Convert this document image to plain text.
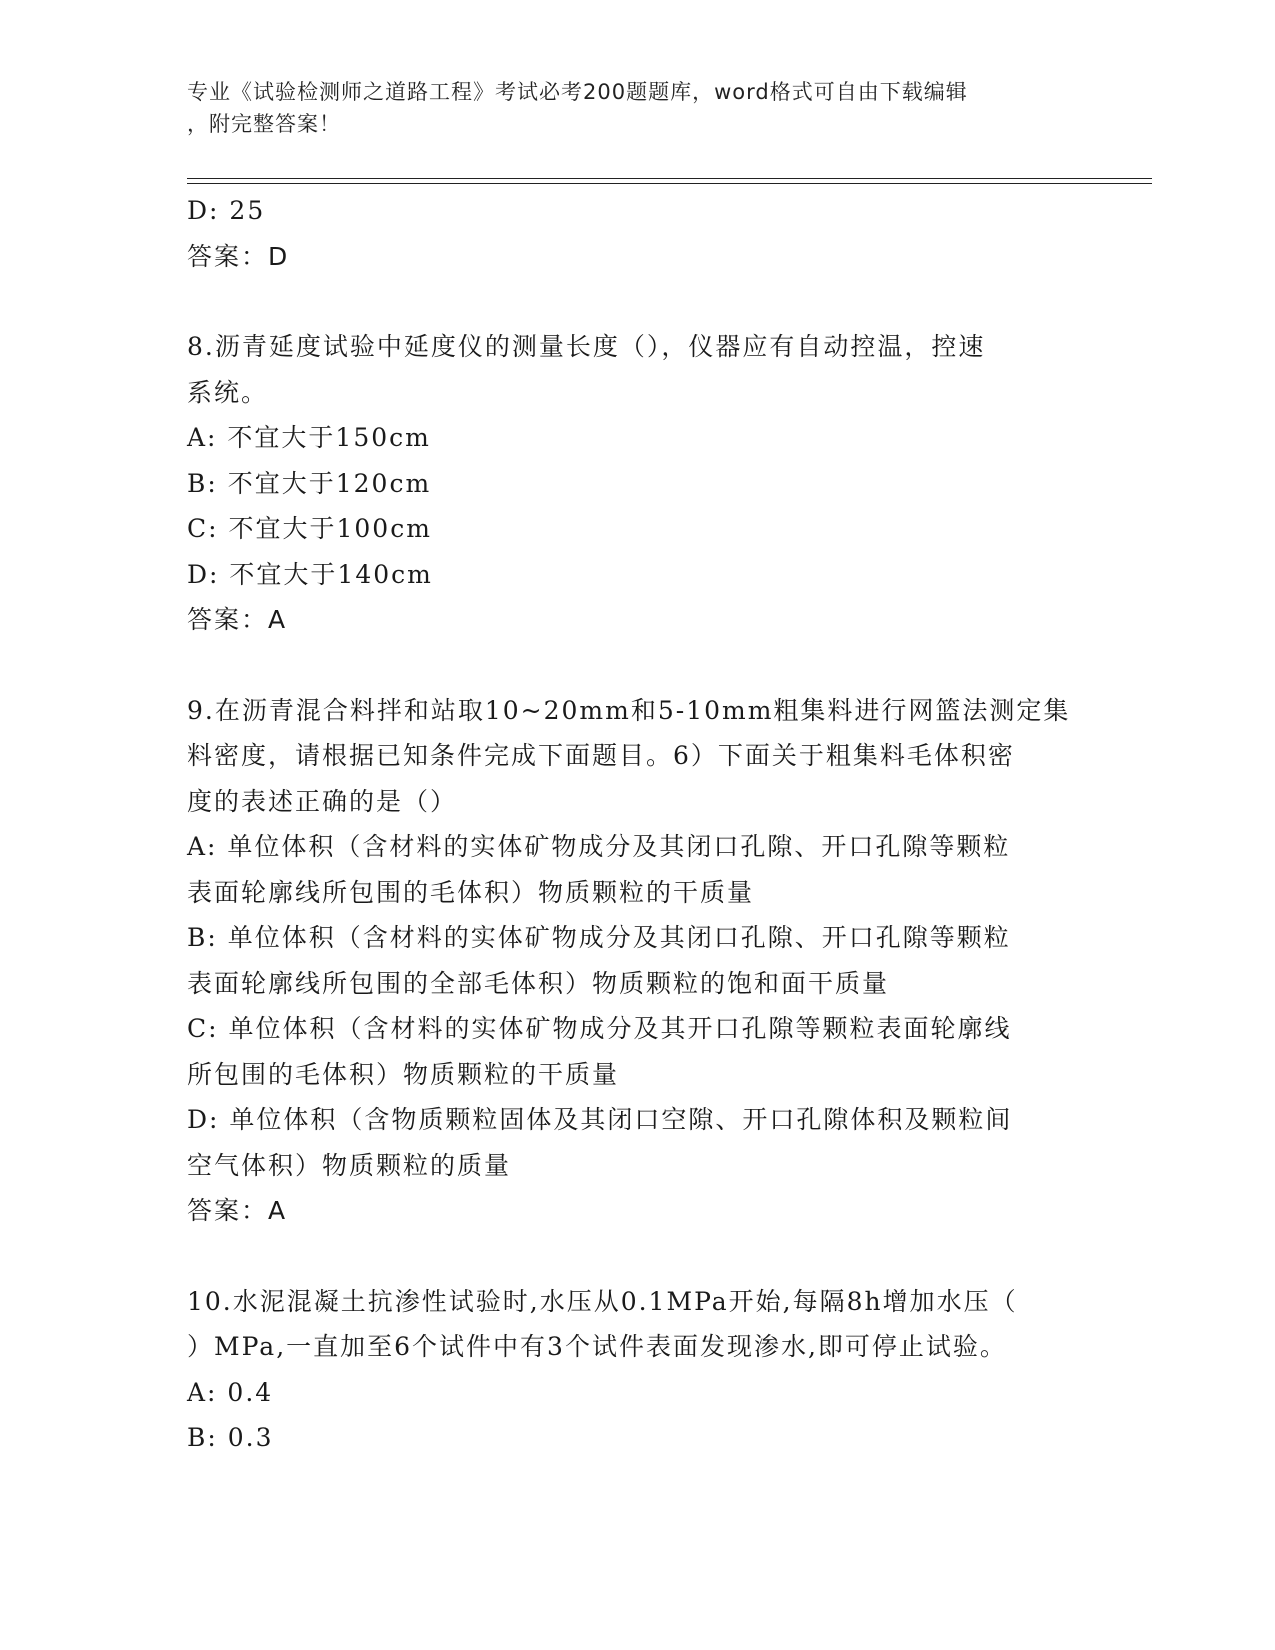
专业《试验检测师之道路工程》考试必考200题题库，word格式可自由下载编辑
，附完整答案！
D: 25
答案：D
8.沥青延度试验中延度仪的测量长度（），仪器应有自动控温，控速
系统。
A: 不宜大于150cm
B: 不宜大于120cm
C: 不宜大于100cm
D: 不宜大于140cm
答案：A
9.在沥青混合料拌和站取10~20mm和5-10mm粗集料进行网篮法测定集
料密度，请根据已知条件完成下面题目。6）下面关于粗集料毛体积密
度的表述正确的是（）
A: 单位体积（含材料的实体矿物成分及其闭口孔隙、开口孔隙等颗粒
表面轮廓线所包围的毛体积）物质颗粒的干质量
B: 单位体积（含材料的实体矿物成分及其闭口孔隙、开口孔隙等颗粒
表面轮廓线所包围的全部毛体积）物质颗粒的饱和面干质量
C: 单位体积（含材料的实体矿物成分及其开口孔隙等颗粒表面轮廓线
所包围的毛体积）物质颗粒的干质量
D: 单位体积（含物质颗粒固体及其闭口空隙、开口孔隙体积及颗粒间
空气体积）物质颗粒的质量
答案：A
10.水泥混凝土抗渗性试验时,水压从0.1MPa开始,每隔8h增加水压（
）MPa,一直加至6个试件中有3个试件表面发现渗水,即可停止试验。
A: 0.4
B: 0.3
